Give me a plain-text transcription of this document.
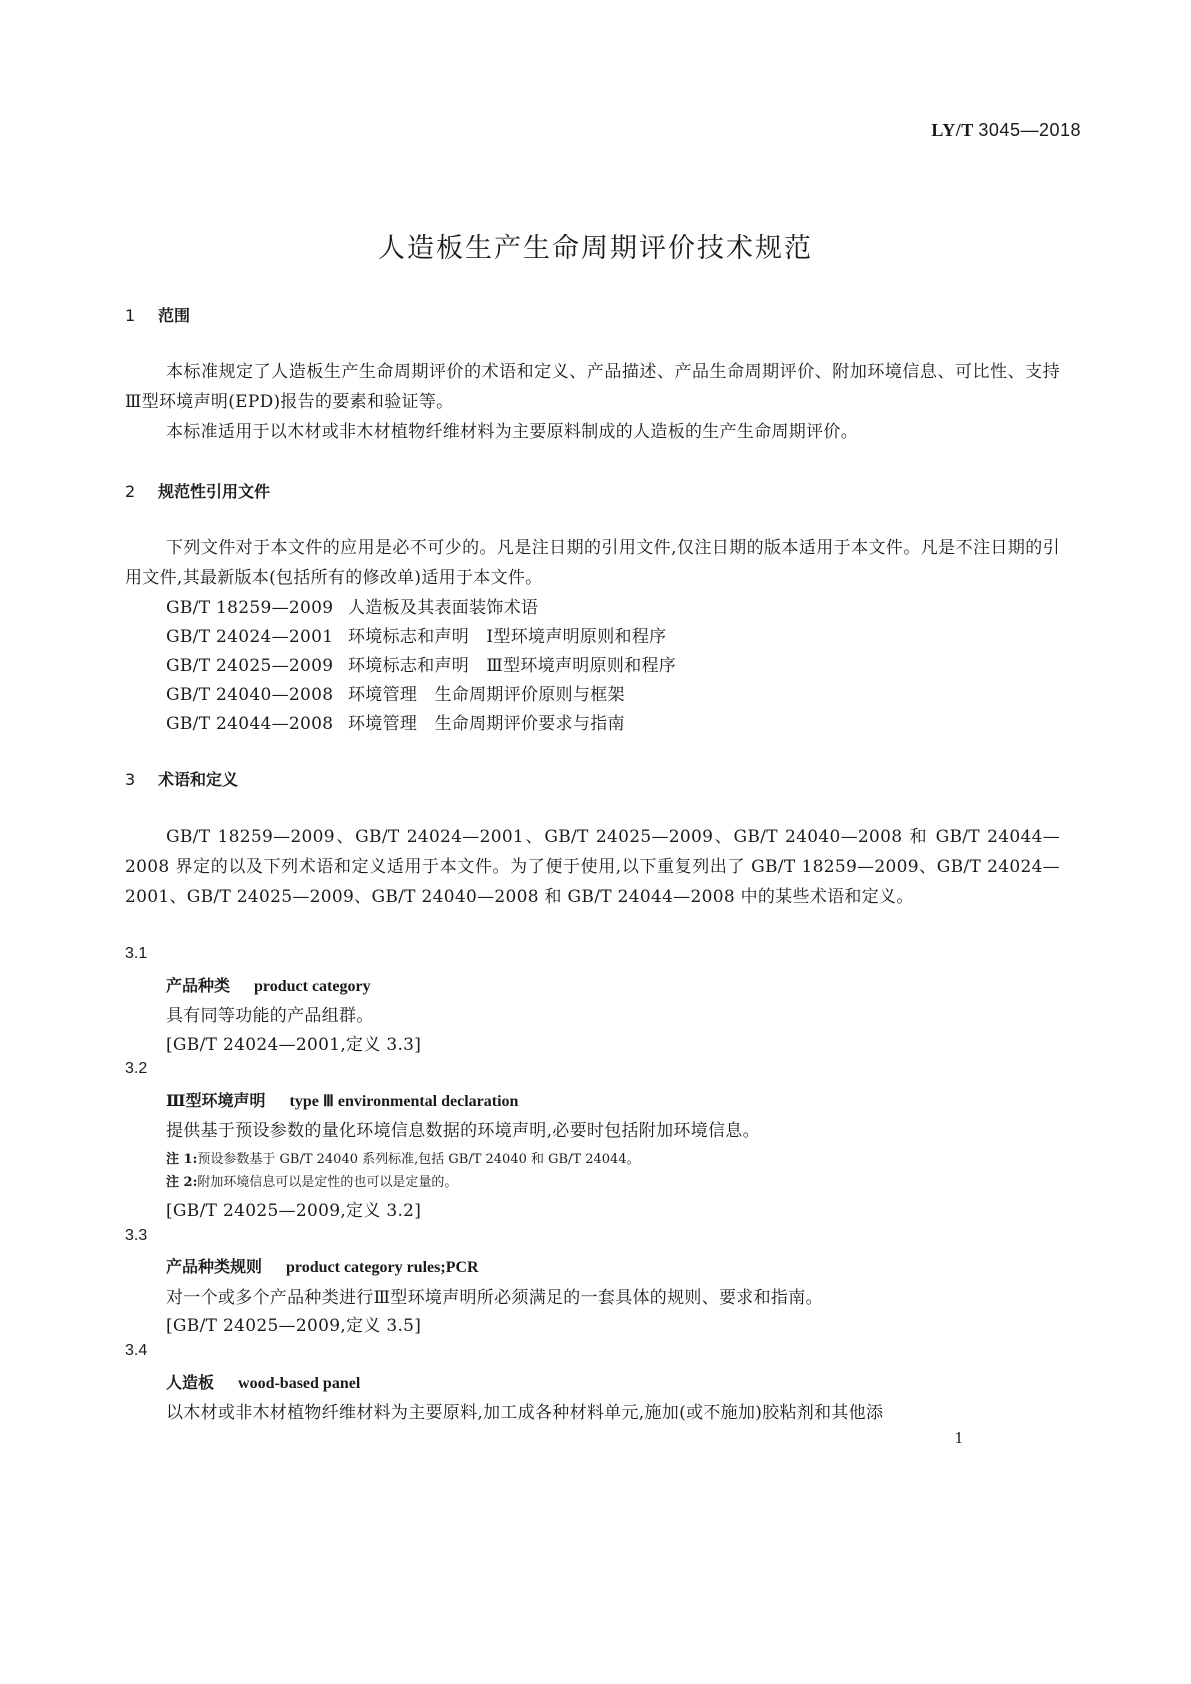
LY/T 3045—2018
人造板生产生命周期评价技术规范
1 范围
本标准规定了人造板生产生命周期评价的术语和定义、产品描述、产品生命周期评价、附加环境信息、可比性、支持Ⅲ型环境声明(EPD)报告的要素和验证等。
本标准适用于以木材或非木材植物纤维材料为主要原料制成的人造板的生产生命周期评价。
2 规范性引用文件
下列文件对于本文件的应用是必不可少的。凡是注日期的引用文件,仅注日期的版本适用于本文件。凡是不注日期的引用文件,其最新版本(包括所有的修改单)适用于本文件。
GB/T 18259—2009 人造板及其表面装饰术语
GB/T 24024—2001 环境标志和声明　Ⅰ型环境声明原则和程序
GB/T 24025—2009 环境标志和声明　Ⅲ型环境声明原则和程序
GB/T 24040—2008 环境管理　生命周期评价原则与框架
GB/T 24044—2008 环境管理　生命周期评价要求与指南
3 术语和定义
GB/T 18259—2009、GB/T 24024—2001、GB/T 24025—2009、GB/T 24040—2008 和 GB/T 24044—2008 界定的以及下列术语和定义适用于本文件。为了便于使用,以下重复列出了 GB/T 18259—2009、GB/T 24024—2001、GB/T 24025—2009、GB/T 24040—2008 和 GB/T 24044—2008 中的某些术语和定义。
3.1
产品种类 product category
具有同等功能的产品组群。
[GB/T 24024—2001,定义 3.3]
3.2
Ⅲ型环境声明 type Ⅲ environmental declaration
提供基于预设参数的量化环境信息数据的环境声明,必要时包括附加环境信息。
注 1:预设参数基于 GB/T 24040 系列标准,包括 GB/T 24040 和 GB/T 24044。
注 2:附加环境信息可以是定性的也可以是定量的。
[GB/T 24025—2009,定义 3.2]
3.3
产品种类规则 product category rules;PCR
对一个或多个产品种类进行Ⅲ型环境声明所必须满足的一套具体的规则、要求和指南。
[GB/T 24025—2009,定义 3.5]
3.4
人造板 wood-based panel
以木材或非木材植物纤维材料为主要原料,加工成各种材料单元,施加(或不施加)胶粘剂和其他添
1
